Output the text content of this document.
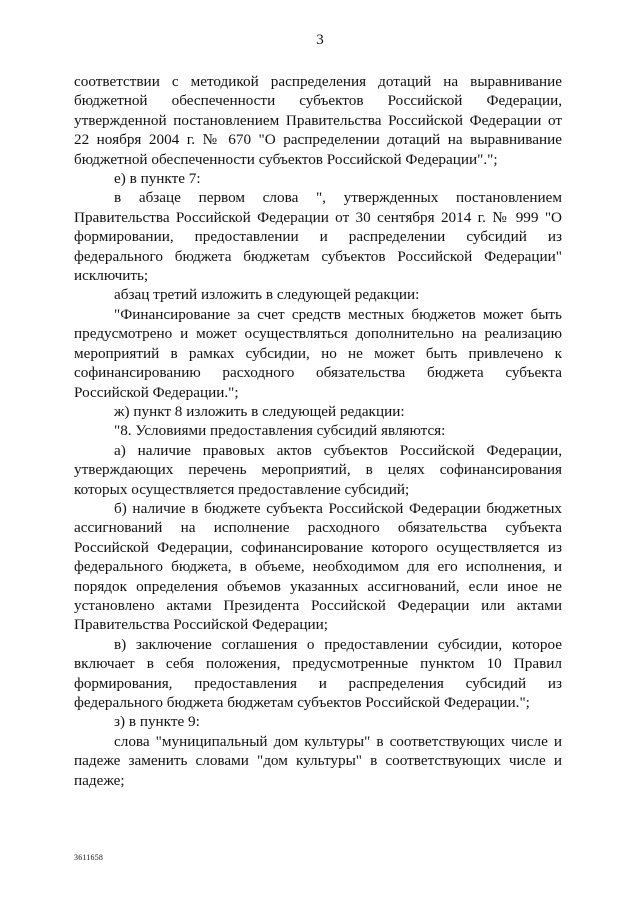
3

соответствии с методикой распределения дотаций на выравнивание бюджетной обеспеченности субъектов Российской Федерации, утвержденной постановлением Правительства Российской Федерации от 22 ноября 2004 г. № 670 "О распределении дотаций на выравнивание бюджетной обеспеченности субъектов Российской Федерации".";

е) в пункте 7:

в абзаце первом слова ", утвержденных постановлением Правительства Российской Федерации от 30 сентября 2014 г. № 999 "О формировании, предоставлении и распределении субсидий из федерального бюджета бюджетам субъектов Российской Федерации" исключить;

абзац третий изложить в следующей редакции:

"Финансирование за счет средств местных бюджетов может быть предусмотрено и может осуществляться дополнительно на реализацию мероприятий в рамках субсидии, но не может быть привлечено к софинансированию расходного обязательства бюджета субъекта Российской Федерации.";

ж) пункт 8 изложить в следующей редакции:

"8. Условиями предоставления субсидий являются:

а) наличие правовых актов субъектов Российской Федерации, утверждающих перечень мероприятий, в целях софинансирования которых осуществляется предоставление субсидий;

б) наличие в бюджете субъекта Российской Федерации бюджетных ассигнований на исполнение расходного обязательства субъекта Российской Федерации, софинансирование которого осуществляется из федерального бюджета, в объеме, необходимом для его исполнения, и порядок определения объемов указанных ассигнований, если иное не установлено актами Президента Российской Федерации или актами Правительства Российской Федерации;

в) заключение соглашения о предоставлении субсидии, которое включает в себя положения, предусмотренные пунктом 10 Правил формирования, предоставления и распределения субсидий из федерального бюджета бюджетам субъектов Российской Федерации.";

з) в пункте 9:

слова "муниципальный дом культуры" в соответствующих числе и падеже заменить словами "дом культуры" в соответствующих числе и падеже;

3611658
